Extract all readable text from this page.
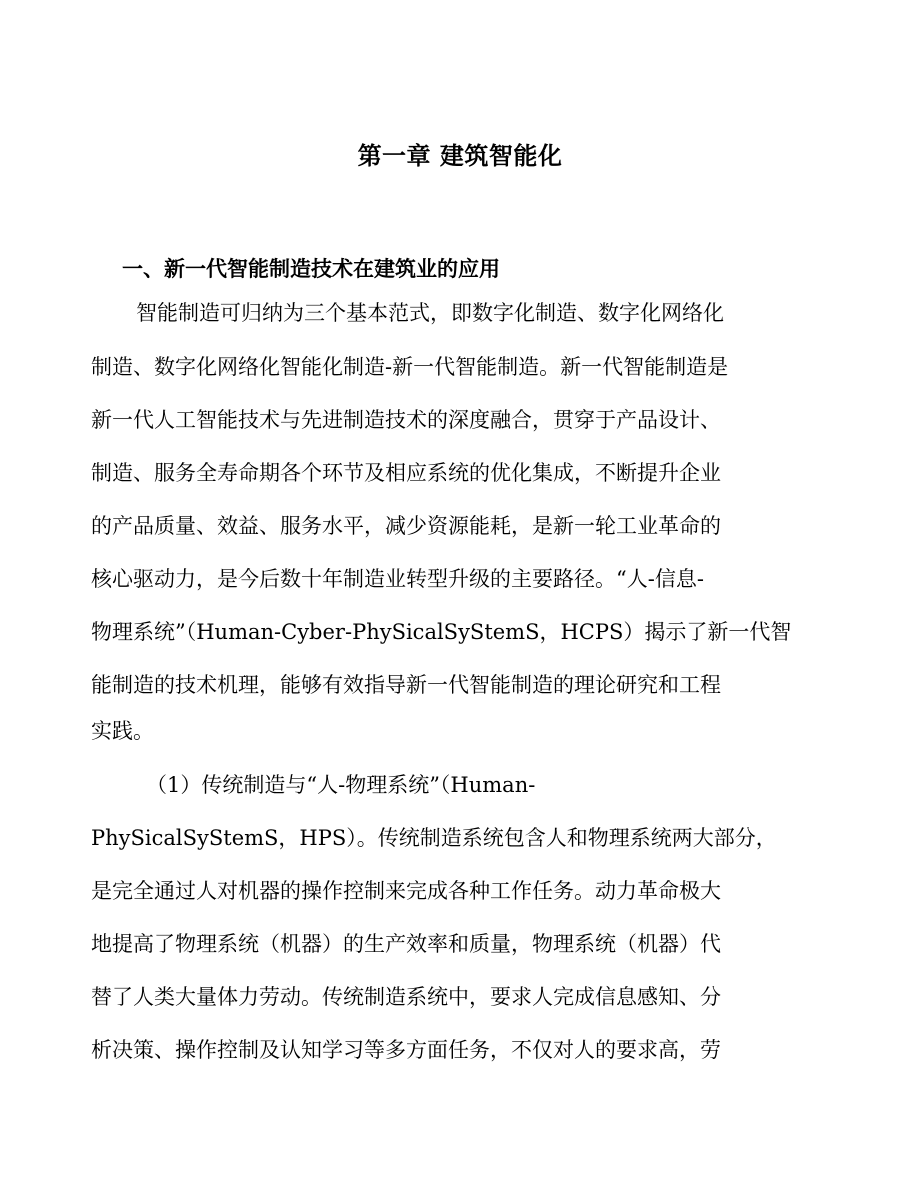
第一章 建筑智能化
一、新一代智能制造技术在建筑业的应用
智能制造可归纳为三个基本范式，即数字化制造、数字化网络化
制造、数字化网络化智能化制造-新一代智能制造。新一代智能制造是
新一代人工智能技术与先进制造技术的深度融合，贯穿于产品设计、
制造、服务全寿命期各个环节及相应系统的优化集成，不断提升企业
的产品质量、效益、服务水平，减少资源能耗，是新一轮工业革命的
核心驱动力，是今后数十年制造业转型升级的主要路径。“人-信息-
物理系统”（Human-Cyber-PhySicalSyStemS，HCPS）揭示了新一代智
能制造的技术机理，能够有效指导新一代智能制造的理论研究和工程
实践。
（1）传统制造与“人-物理系统”（Human-
PhySicalSyStemS，HPS）。传统制造系统包含人和物理系统两大部分，
是完全通过人对机器的操作控制来完成各种工作任务。动力革命极大
地提高了物理系统（机器）的生产效率和质量，物理系统（机器）代
替了人类大量体力劳动。传统制造系统中，要求人完成信息感知、分
析决策、操作控制及认知学习等多方面任务，不仅对人的要求高，劳
